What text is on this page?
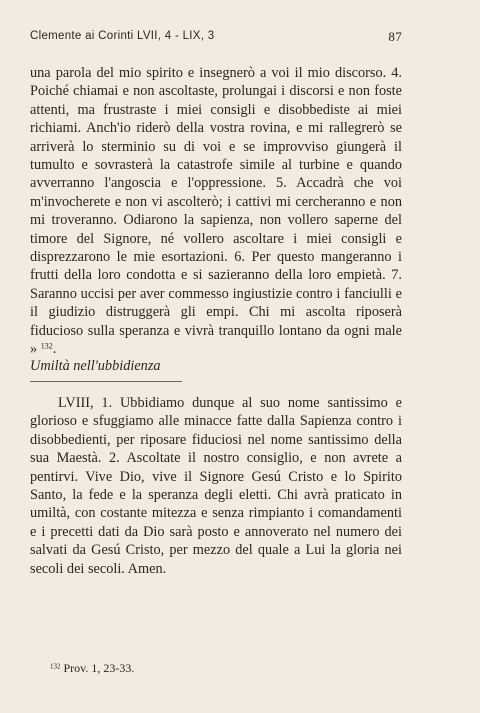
Clemente ai Corinti LVII, 4 - LIX, 3	87

una parola del mio spirito e insegnerò a voi il mio discorso. 4. Poiché chiamai e non ascoltaste, prolungai i discorsi e non foste attenti, ma frustraste i miei consigli e disobbediste ai miei richiami. Anch'io riderò della vostra rovina, e mi rallegrerò se arriverà lo sterminio su di voi e se improvviso giungerà il tumulto e sovrasterà la catastrofe simile al turbine e quando avverranno l'angoscia e l'oppressione. 5. Accadrà che voi m'invocherete e non vi ascolterò; i cattivi mi cercheranno e non mi troveranno. Odiarono la sapienza, non vollero saperne del timore del Signore, né vollero ascoltare i miei consigli e disprezzarono le mie esortazioni. 6. Per questo mangeranno i frutti della loro condotta e si sazieranno della loro empietà. 7. Saranno uccisi per aver commesso ingiustizie contro i fanciulli e il giudizio distruggerà gli empi. Chi mi ascolta riposerà fiducioso sulla speranza e vivrà tranquillo lontano da ogni male » $^{132}$.

Umiltà nell'ubbidienza

LVIII, 1. Ubbidiamo dunque al suo nome santissimo e glorioso e sfuggiamo alle minacce fatte dalla Sapienza contro i disobbedienti, per riposare fiduciosi nel nome santissimo della sua Maestà. 2. Ascoltate il nostro consiglio, e non avrete a pentirvi. Vive Dio, vive il Signore Gesú Cristo e lo Spirito Santo, la fede e la speranza degli eletti. Chi avrà praticato in umiltà, con costante mitezza e senza rimpianto i comandamenti e i precetti dati da Dio sarà posto e annoverato nel numero dei salvati da Gesú Cristo, per mezzo del quale a Lui la gloria nei secoli dei secoli. Amen.

$^{132}$ Prov. 1, 23-33.
